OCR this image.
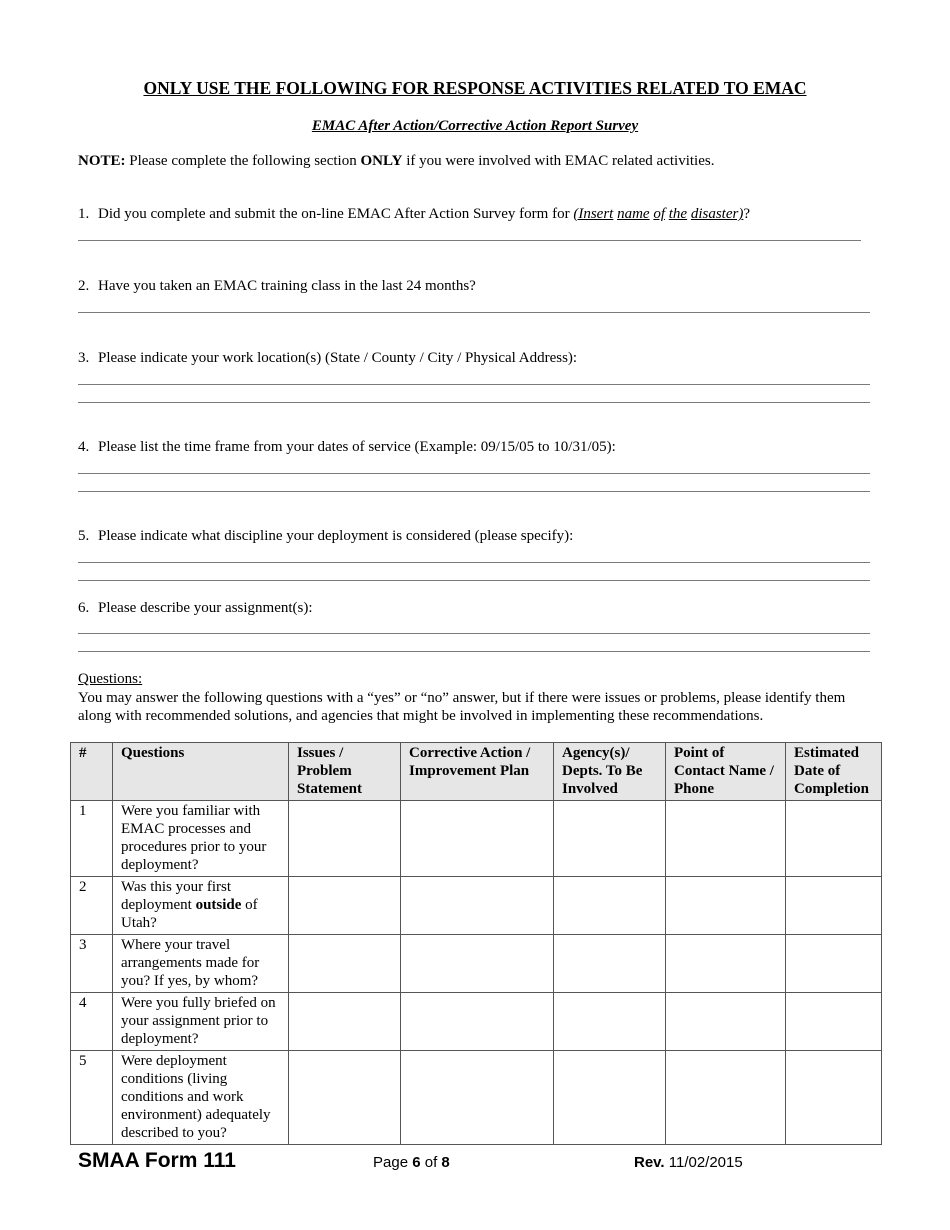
ONLY USE THE FOLLOWING FOR RESPONSE ACTIVITIES RELATED TO EMAC
EMAC After Action/Corrective Action Report Survey
NOTE: Please complete the following section ONLY if you were involved with EMAC related activities.
1. Did you complete and submit the on-line EMAC After Action Survey form for (Insert name of the disaster)?
2. Have you taken an EMAC training class in the last 24 months?
3. Please indicate your work location(s) (State / County / City / Physical Address):
4. Please list the time frame from your dates of service (Example: 09/15/05 to 10/31/05):
5. Please indicate what discipline your deployment is considered (please specify):
6. Please describe your assignment(s):
Questions:
You may answer the following questions with a “yes” or “no” answer, but if there were issues or problems, please identify them along with recommended solutions, and agencies that might be involved in implementing these recommendations.
#	Questions	Issues / Problem Statement	Corrective Action / Improvement Plan	Agency(s)/ Depts. To Be Involved	Point of Contact Name / Phone	Estimated Date of Completion
1	Were you familiar with EMAC processes and procedures prior to your deployment?					
2	Was this your first deployment outside of Utah?					
3	Where your travel arrangements made for you? If yes, by whom?					
4	Were you fully briefed on your assignment prior to deployment?					
5	Were deployment conditions (living conditions and work environment) adequately described to you?					
SMAA Form 111	Page 6 of 8	Rev. 11/02/2015
